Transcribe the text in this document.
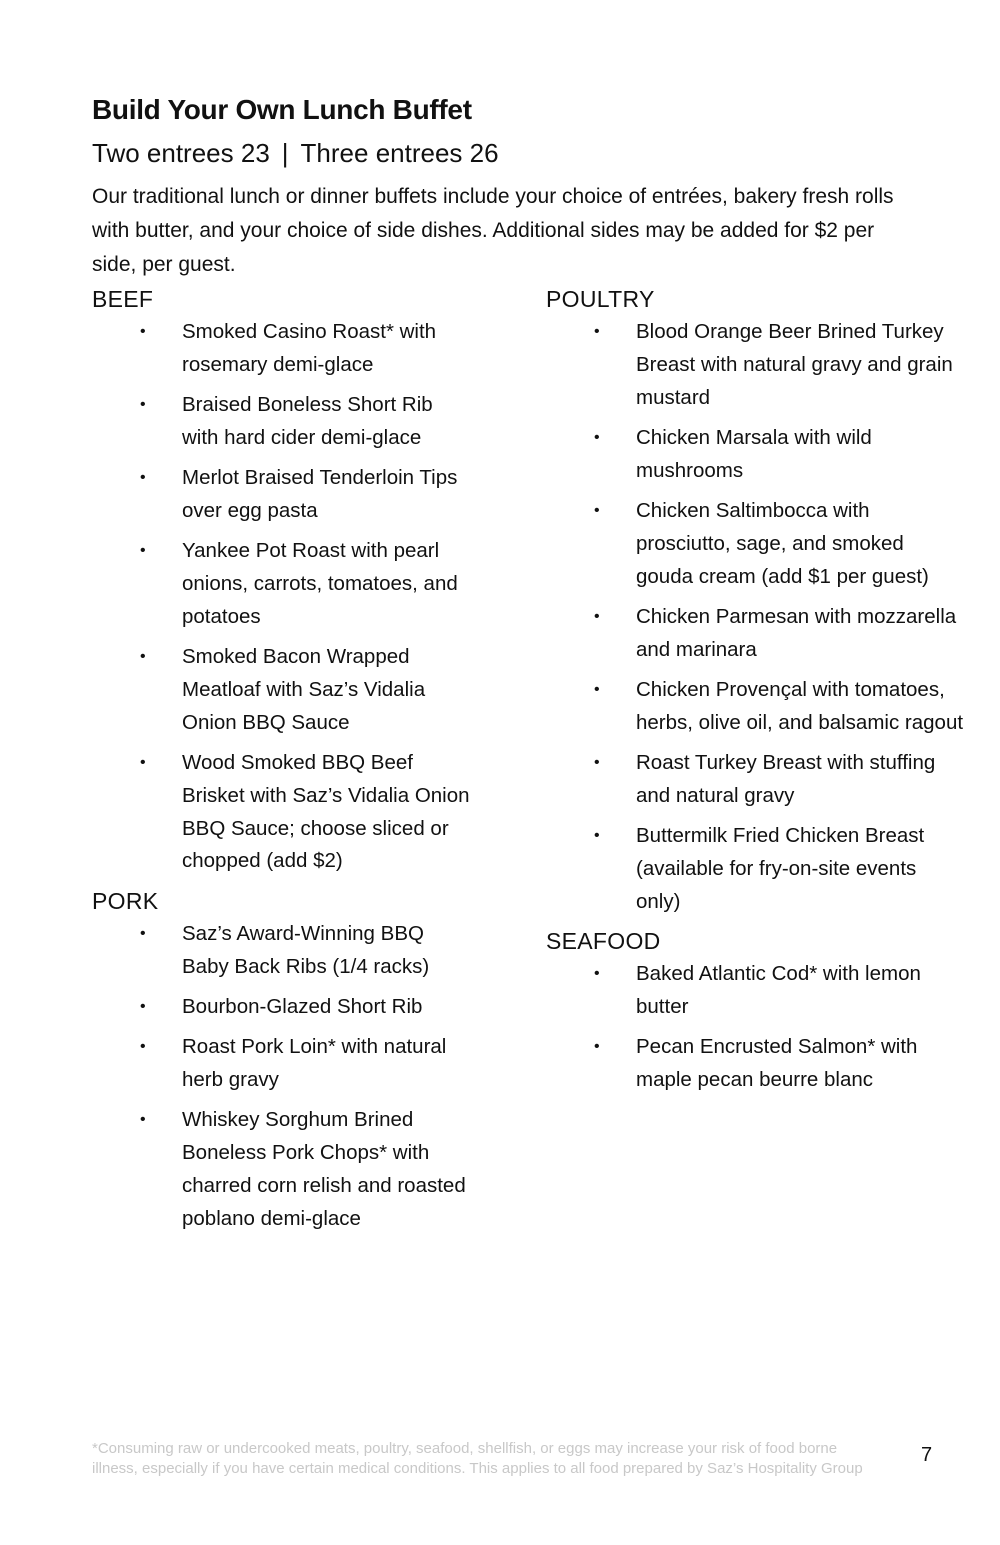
Build Your Own Lunch Buffet
Two entrees 23 | Three entrees 26

Our traditional lunch or dinner buffets include your choice of entrées, bakery fresh rolls with butter, and your choice of side dishes. Additional sides may be added for $2 per side, per guest.

BEEF
• Smoked Casino Roast* with rosemary demi-glace
• Braised Boneless Short Rib with hard cider demi-glace
• Merlot Braised Tenderloin Tips over egg pasta
• Yankee Pot Roast with pearl onions, carrots, tomatoes, and potatoes
• Smoked Bacon Wrapped Meatloaf with Saz’s Vidalia Onion BBQ Sauce
• Wood Smoked BBQ Beef Brisket with Saz’s Vidalia Onion BBQ Sauce; choose sliced or chopped (add $2)
PORK
• Saz’s Award-Winning BBQ Baby Back Ribs (1/4 racks)
• Bourbon-Glazed Short Rib
• Roast Pork Loin* with natural herb gravy
• Whiskey Sorghum Brined Boneless Pork Chops* with charred corn relish and roasted poblano demi-glace
POULTRY
• Blood Orange Beer Brined Turkey Breast with natural gravy and grain mustard
• Chicken Marsala with wild mushrooms
• Chicken Saltimbocca with prosciutto, sage, and smoked gouda cream (add $1 per guest)
• Chicken Parmesan with mozzarella and marinara
• Chicken Provençal with tomatoes, herbs, olive oil, and balsamic ragout
• Roast Turkey Breast with stuffing and natural gravy
• Buttermilk Fried Chicken Breast (available for fry-on-site events only)
SEAFOOD
• Baked Atlantic Cod* with lemon butter
• Pecan Encrusted Salmon* with maple pecan beurre blanc

*Consuming raw or undercooked meats, poultry, seafood, shellfish, or eggs may increase your risk of food borne illness, especially if you have certain medical conditions. This applies to all food prepared by Saz’s Hospitality Group

7
